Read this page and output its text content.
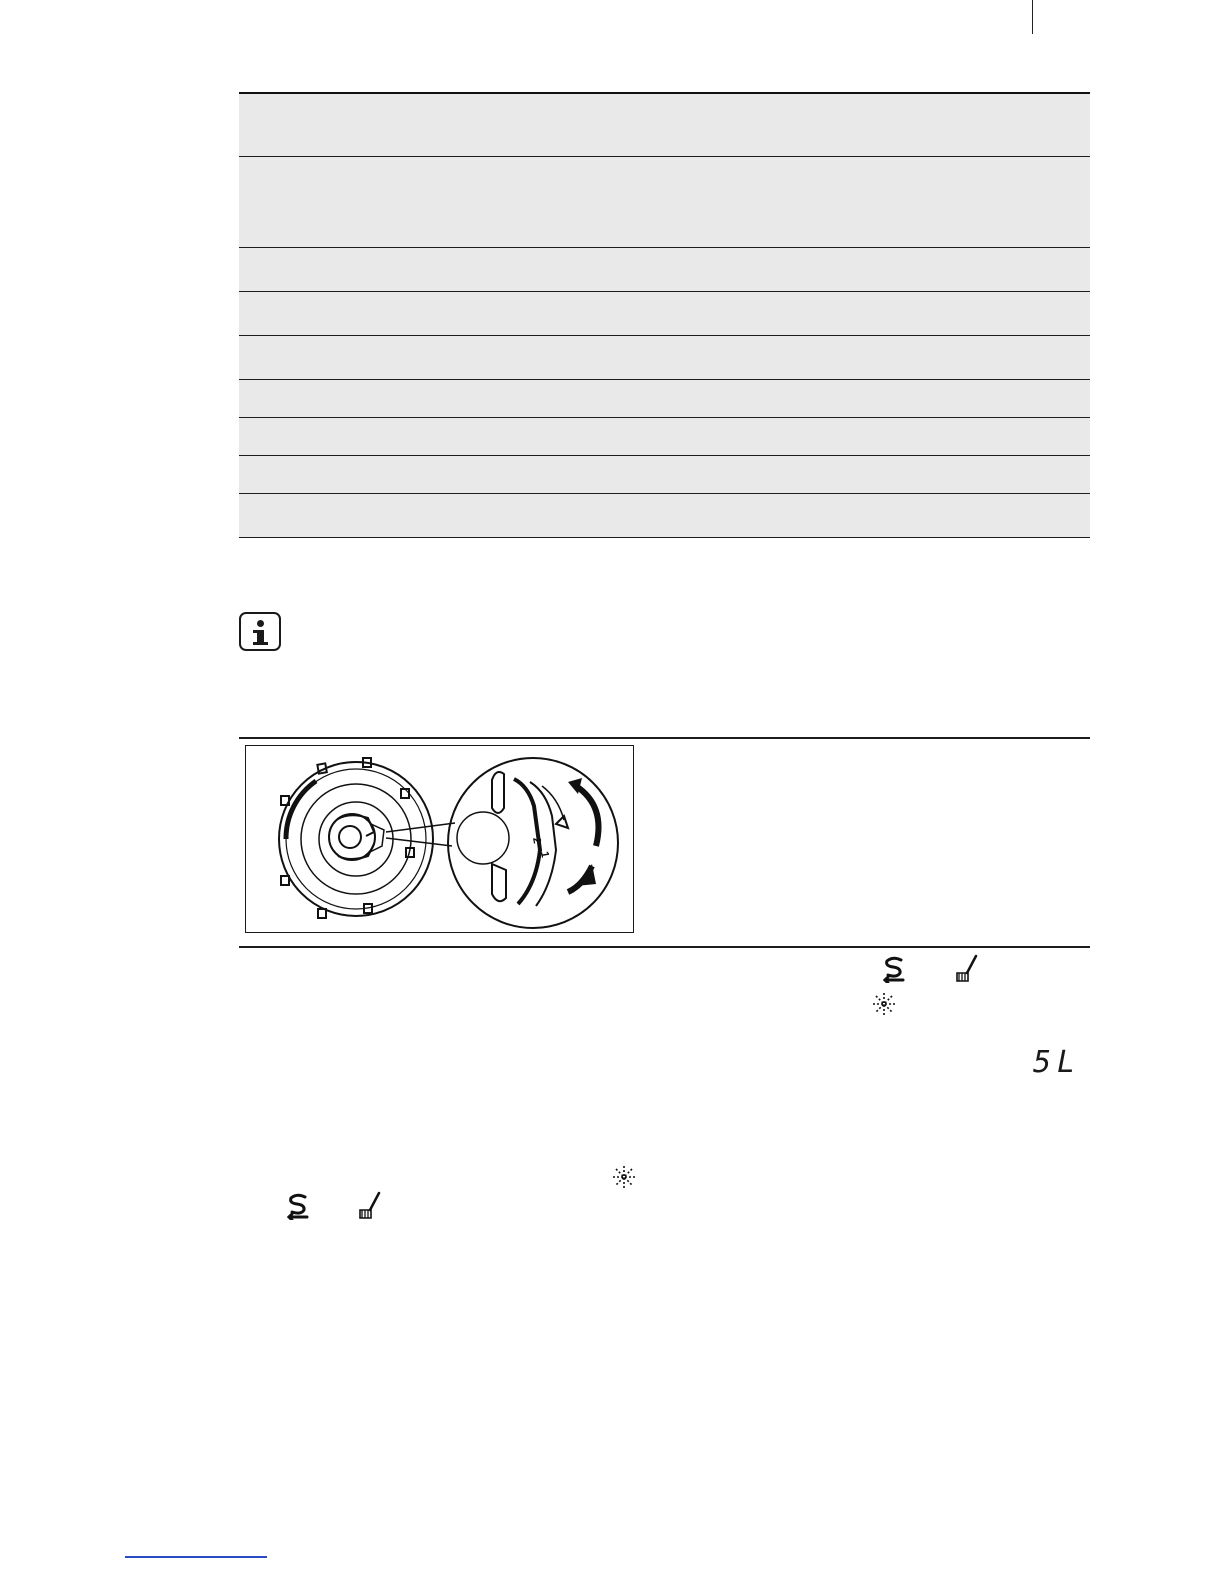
2
1
5L
